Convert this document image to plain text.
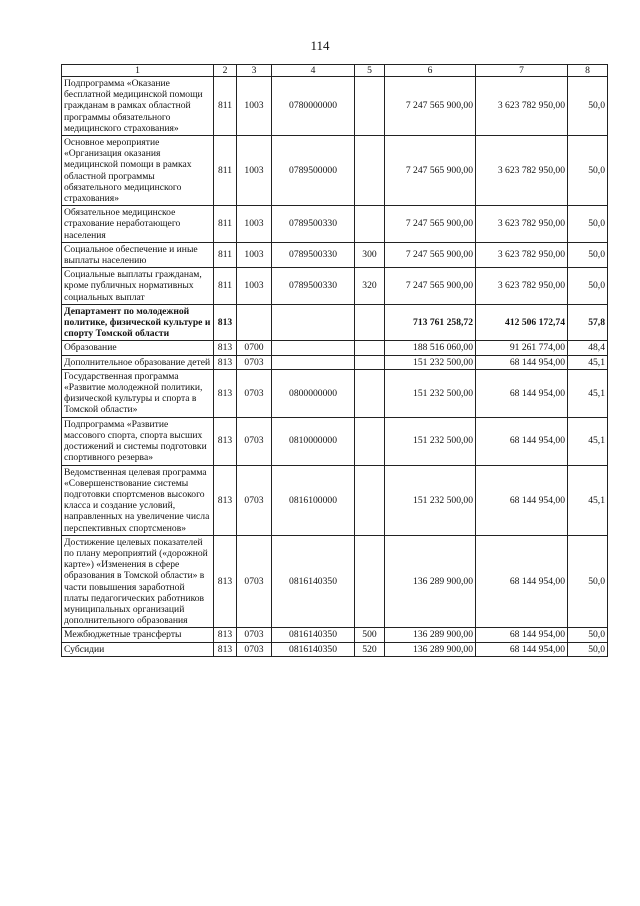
114
1	2	3	4	5	6	7	8
Подпрограмма «Оказание бесплатной медицинской помощи гражданам в рамках областной программы обязательного медицинского страхования»	811	1003	0780000000		7 247 565 900,00	3 623 782 950,00	50,0
Основное мероприятие «Организация оказания медицинской помощи в рамках областной программы обязательного медицинского страхования»	811	1003	0789500000		7 247 565 900,00	3 623 782 950,00	50,0
Обязательное медицинское страхование неработающего населения	811	1003	0789500330		7 247 565 900,00	3 623 782 950,00	50,0
Социальное обеспечение и иные выплаты населению	811	1003	0789500330	300	7 247 565 900,00	3 623 782 950,00	50,0
Социальные выплаты гражданам, кроме публичных нормативных социальных выплат	811	1003	0789500330	320	7 247 565 900,00	3 623 782 950,00	50,0
Департамент по молодежной политике, физической культуре и спорту Томской области	813				713 761 258,72	412 506 172,74	57,8
Образование	813	0700			188 516 060,00	91 261 774,00	48,4
Дополнительное образование детей	813	0703			151 232 500,00	68 144 954,00	45,1
Государственная программа «Развитие молодежной политики, физической культуры и спорта в Томской области»	813	0703	0800000000		151 232 500,00	68 144 954,00	45,1
Подпрограмма «Развитие массового спорта, спорта высших достижений и системы подготовки спортивного резерва»	813	0703	0810000000		151 232 500,00	68 144 954,00	45,1
Ведомственная целевая программа «Совершенствование системы подготовки спортсменов высокого класса и создание условий, направленных на увеличение числа перспективных спортсменов»	813	0703	0816100000		151 232 500,00	68 144 954,00	45,1
Достижение целевых показателей по плану мероприятий («дорожной карте») «Изменения в сфере образования в Томской области» в части повышения заработной платы педагогических работников муниципальных организаций дополнительного образования	813	0703	0816140350		136 289 900,00	68 144 954,00	50,0
Межбюджетные трансферты	813	0703	0816140350	500	136 289 900,00	68 144 954,00	50,0
Субсидии	813	0703	0816140350	520	136 289 900,00	68 144 954,00	50,0
